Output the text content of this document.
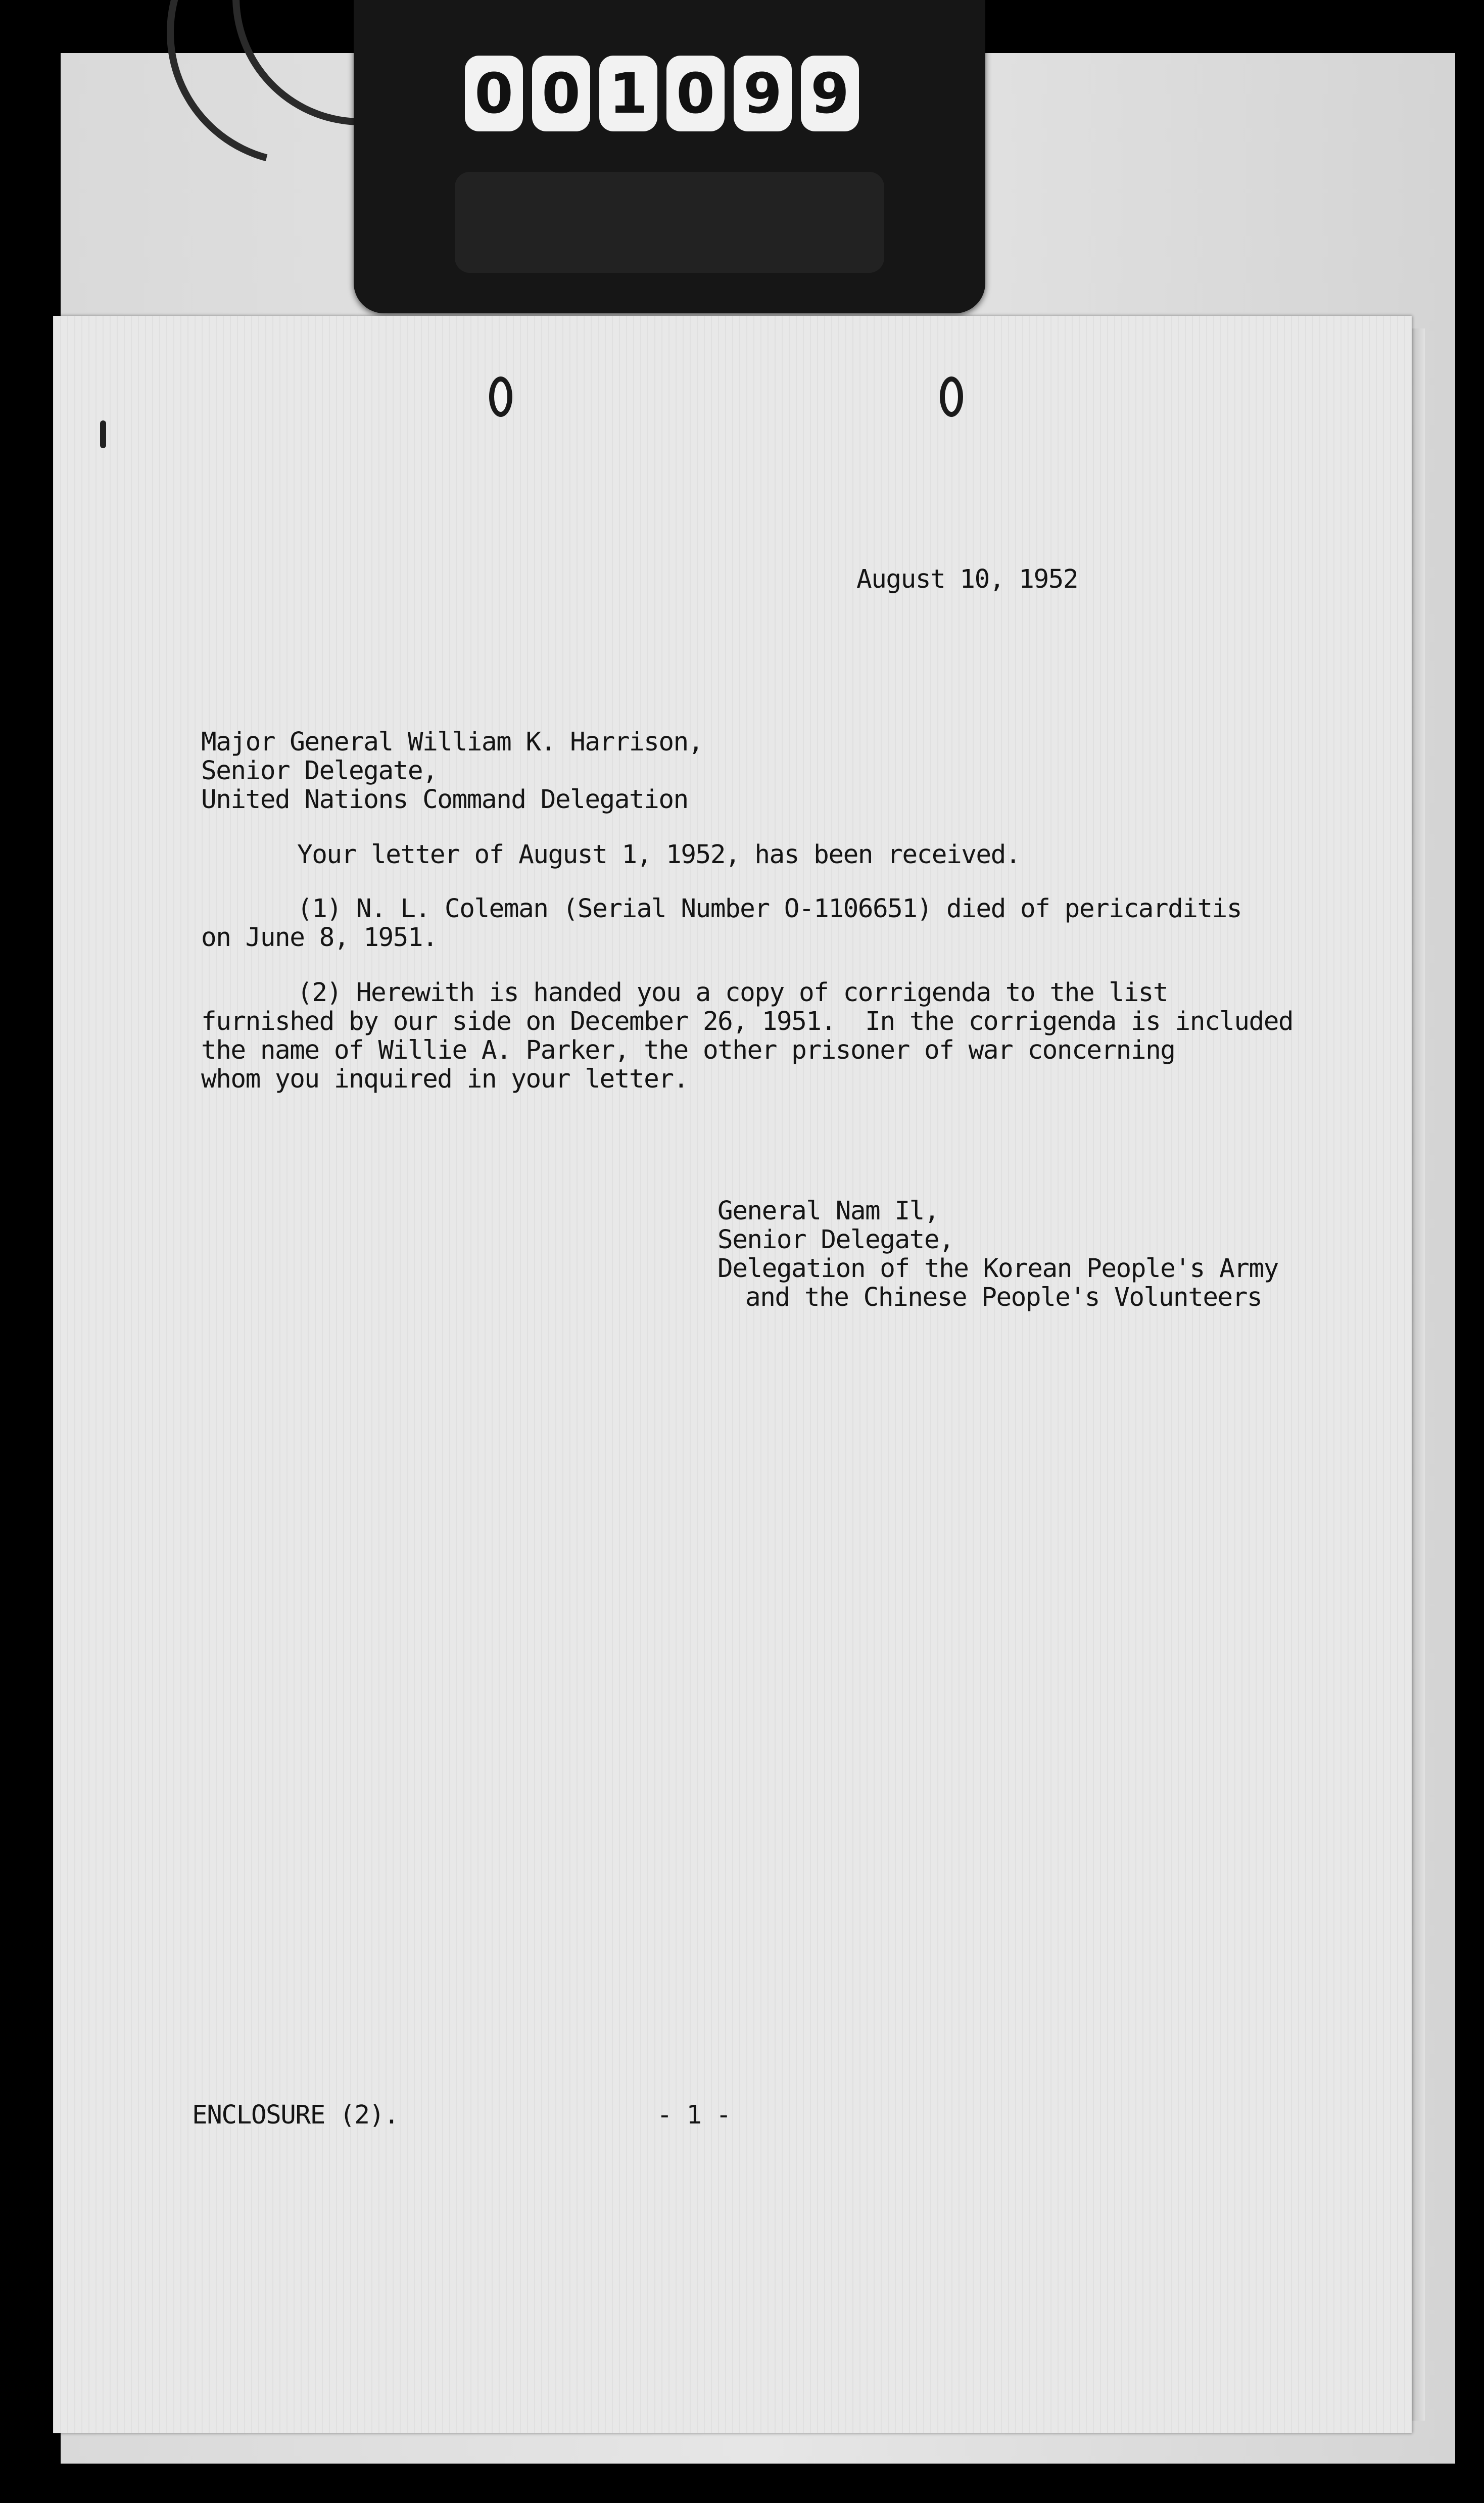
0 0 1 0 9 9
August 10, 1952
Major General William K. Harrison,
Senior Delegate,
United Nations Command Delegation
Your letter of August 1, 1952, has been received.
(1) N. L. Coleman (Serial Number O-1106651) died of pericarditis
on June 8, 1951.
(2) Herewith is handed you a copy of corrigenda to the list
furnished by our side on December 26, 1951.  In the corrigenda is included
the name of Willie A. Parker, the other prisoner of war concerning
whom you inquired in your letter.
General Nam Il,
Senior Delegate,
Delegation of the Korean People's Army
and the Chinese People's Volunteers
ENCLOSURE (2).	- 1 -
